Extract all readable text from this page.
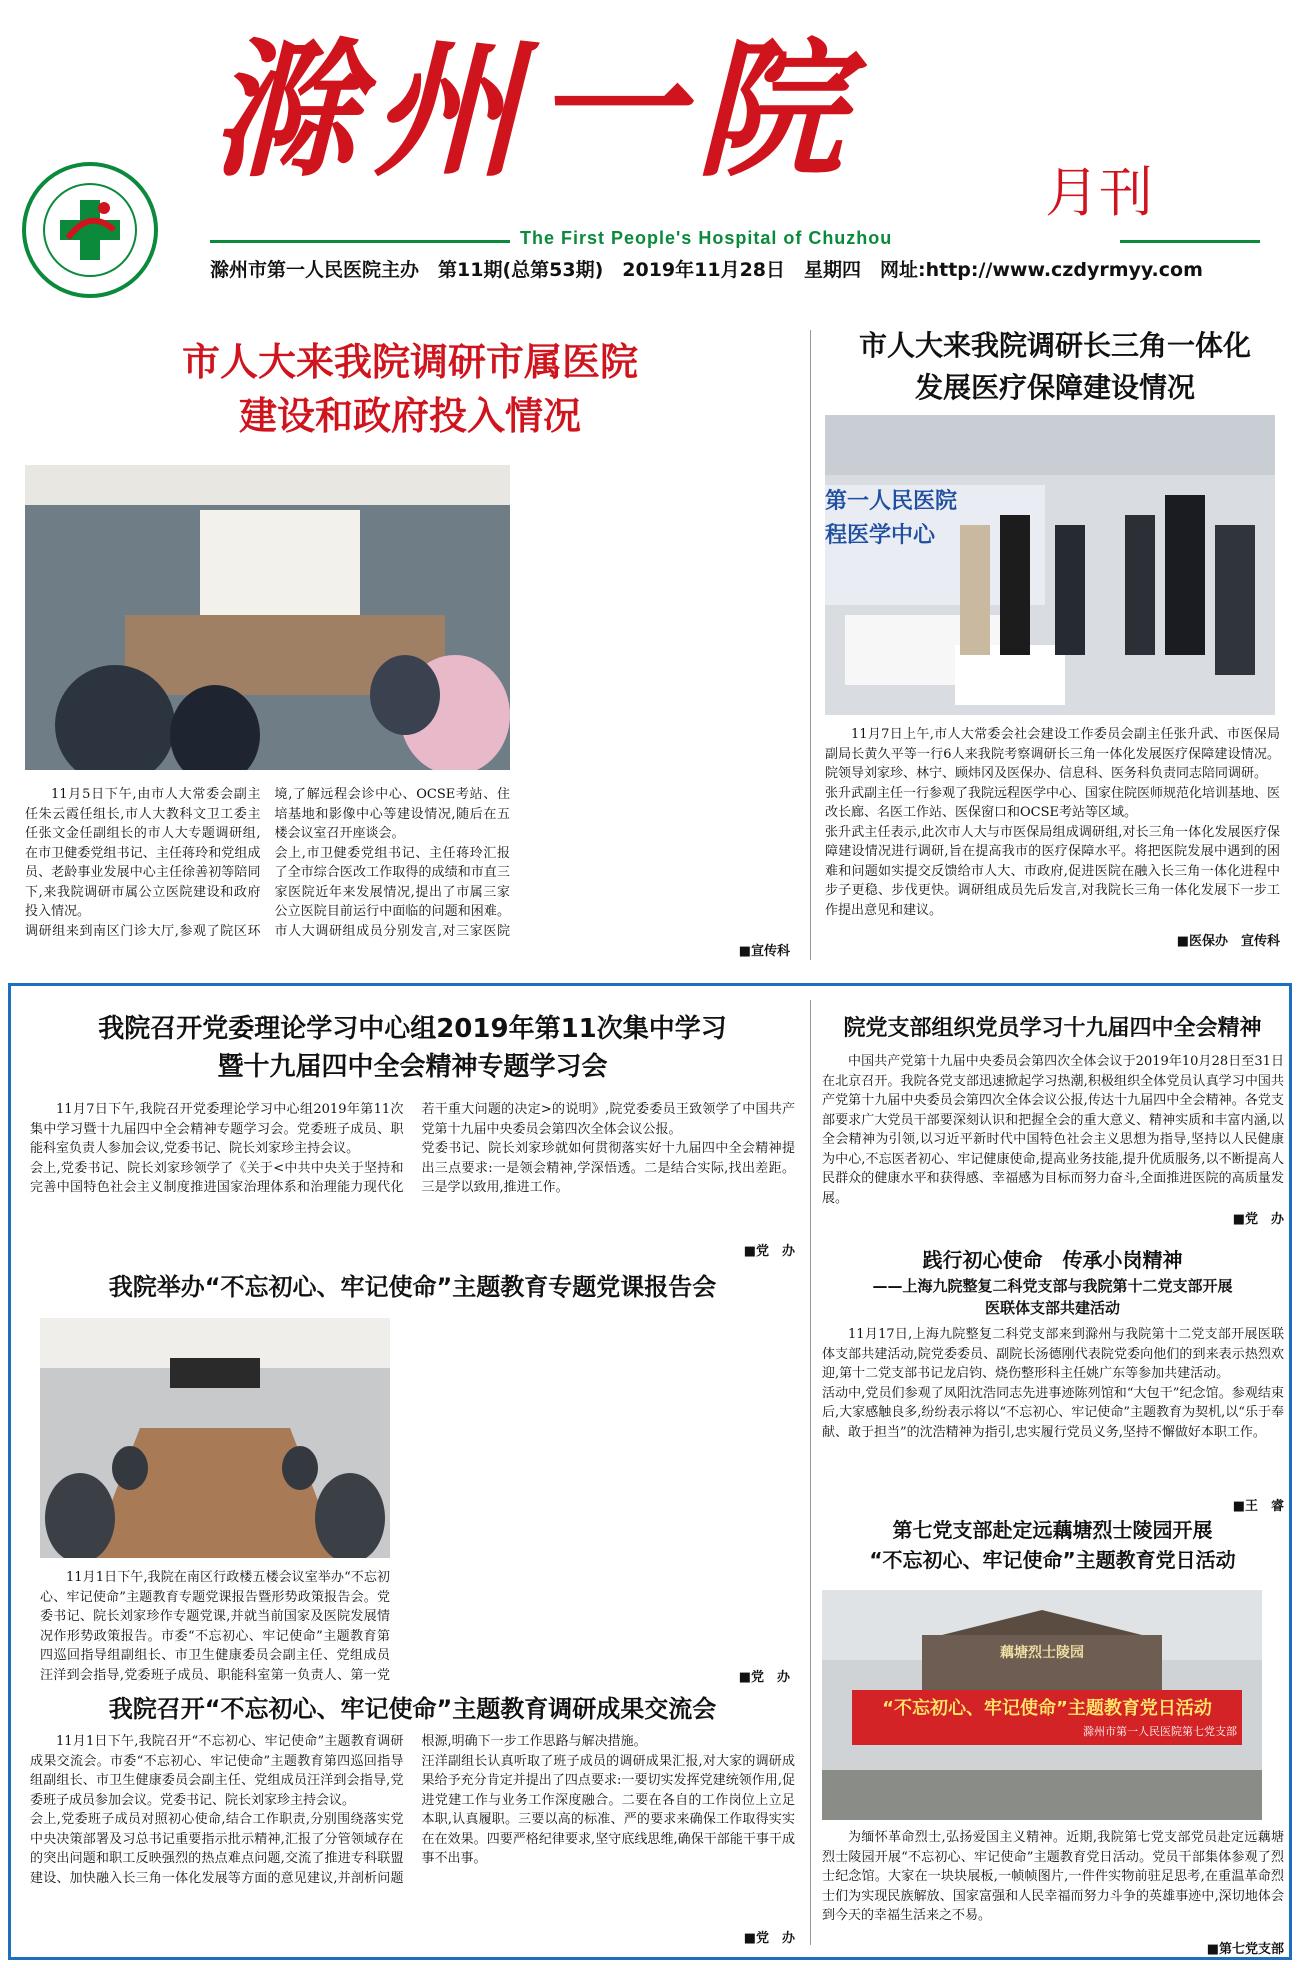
滁州一院	月刊
The First People's Hospital of Chuzhou
滁州市第一人民医院主办　第11期(总第53期)　2019年11月28日　星期四　网址:http://www.czdyrmyy.com
市人大来我院调研市属医院
建设和政府投入情况

11月5日下午,由市人大常委会副主任朱云霞任组长,市人大教科文卫工委主任张文金任副组长的市人大专题调研组,在市卫健委党组书记、主任蒋玲和党组成员、老龄事业发展中心主任徐善初等陪同下,来我院调研市属公立医院建设和政府投入情况。
调研组来到南区门诊大厅,参观了院区环境,了解远程会诊中心、OCSE考站、住培基地和影像中心等建设情况,随后在五楼会议室召开座谈会。
会上,市卫健委党组书记、主任蒋玲汇报了全市综合医改工作取得的成绩和市直三家医院近年来发展情况,提出了市属三家公立医院目前运行中面临的问题和困难。市人大调研组成员分别发言,对三家医院

■宣传科
市人大来我院调研长三角一体化
发展医疗保障建设情况
第一人民医院
程医学中心

11月7日上午,市人大常委会社会建设工作委员会副主任张升武、市医保局副局长黄久平等一行6人来我院考察调研长三角一体化发展医疗保障建设情况。院领导刘家珍、林宁、顾炜冈及医保办、信息科、医务科负责同志陪同调研。
张升武副主任一行参观了我院远程医学中心、国家住院医师规范化培训基地、医改长廊、名医工作站、医保窗口和OCSE考站等区域。
张升武主任表示,此次市人大与市医保局组成调研组,对长三角一体化发展医疗保障建设情况进行调研,旨在提高我市的医疗保障水平。将把医院发展中遇到的困难和问题如实提交反馈给市人大、市政府,促进医院在融入长三角一体化进程中步子更稳、步伐更快。调研组成员先后发言,对我院长三角一体化发展下一步工作提出意见和建议。

■医保办　宣传科
我院召开党委理论学习中心组2019年第11次集中学习
暨十九届四中全会精神专题学习会

11月7日下午,我院召开党委理论学习中心组2019年第11次集中学习暨十九届四中全会精神专题学习会。党委班子成员、职能科室负责人参加会议,党委书记、院长刘家珍主持会议。
会上,党委书记、院长刘家珍领学了《关于<中共中央关于坚持和完善中国特色社会主义制度推进国家治理体系和治理能力现代化若干重大问题的决定>的说明》,院党委委员王致领学了中国共产党第十九届中央委员会第四次全体会议公报。
党委书记、院长刘家珍就如何贯彻落实好十九届四中全会精神提出三点要求:一是领会精神,学深悟透。二是结合实际,找出差距。三是学以致用,推进工作。

■党　办
院党支部组织党员学习十九届四中全会精神

中国共产党第十九届中央委员会第四次全体会议于2019年10月28日至31日在北京召开。我院各党支部迅速掀起学习热潮,积极组织全体党员认真学习中国共产党第十九届中央委员会第四次全体会议公报,传达十九届四中全会精神。各党支部要求广大党员干部要深刻认识和把握全会的重大意义、精神实质和丰富内涵,以全会精神为引领,以习近平新时代中国特色社会主义思想为指导,坚持以人民健康为中心,不忘医者初心、牢记健康使命,提高业务技能,提升优质服务,以不断提高人民群众的健康水平和获得感、幸福感为目标而努力奋斗,全面推进医院的高质量发展。

■党　办
我院举办“不忘初心、牢记使命”主题教育专题党课报告会

11月1日下午,我院在南区行政楼五楼会议室举办“不忘初心、牢记使命”主题教育专题党课报告暨形势政策报告会。党委书记、院长刘家珍作专题党课,并就当前国家及医院发展情况作形势政策报告。市委“不忘初心、牢记使命”主题教育第四巡回指导组副组长、市卫生健康委员会副主任、党组成员汪洋到会指导,党委班子成员、职能科室第一负责人、第一党	■党　办
践行初心使命　传承小岗精神

——上海九院整复二科党支部与我院第十二党支部开展
医联体支部共建活动

11月17日,上海九院整复二科党支部来到滁州与我院第十二党支部开展医联体支部共建活动,院党委委员、副院长汤德刚代表院党委向他们的到来表示热烈欢迎,第十二党支部书记龙启钧、烧伤整形科主任姚广东等参加共建活动。
活动中,党员们参观了凤阳沈浩同志先进事迹陈列馆和“大包干”纪念馆。参观结束后,大家感触良多,纷纷表示将以“不忘初心、牢记使命”主题教育为契机,以“乐于奉献、敢于担当”的沈浩精神为指引,忠实履行党员义务,坚持不懈做好本职工作。

■王　睿
第七党支部赴定远藕塘烈士陵园开展
“不忘初心、牢记使命”主题教育党日活动
藕塘烈士陵园
“不忘初心、牢记使命”主题教育党日活动
滁州市第一人民医院第七党支部

为缅怀革命烈士,弘扬爱国主义精神。近期,我院第七党支部党员赴定远藕塘烈士陵园开展“不忘初心、牢记使命”主题教育党日活动。党员干部集体参观了烈士纪念馆。大家在一块块展板,一帧帧图片,一件件实物前驻足思考,在重温革命烈士们为实现民族解放、国家富强和人民幸福而努力斗争的英雄事迹中,深切地体会到今天的幸福生活来之不易。

■第七党支部
我院召开“不忘初心、牢记使命”主题教育调研成果交流会

11月1日下午,我院召开“不忘初心、牢记使命”主题教育调研成果交流会。市委“不忘初心、牢记使命”主题教育第四巡回指导组副组长、市卫生健康委员会副主任、党组成员汪洋到会指导,党委班子成员参加会议。党委书记、院长刘家珍主持会议。
会上,党委班子成员对照初心使命,结合工作职责,分别围绕落实党中央决策部署及习总书记重要指示批示精神,汇报了分管领域存在的突出问题和职工反映强烈的热点难点问题,交流了推进专科联盟建设、加快融入长三角一体化发展等方面的意见建议,并剖析问题根源,明确下一步工作思路与解决措施。
汪洋副组长认真听取了班子成员的调研成果汇报,对大家的调研成果给予充分肯定并提出了四点要求:一要切实发挥党建统领作用,促进党建工作与业务工作深度融合。二要在各自的工作岗位上立足本职,认真履职。三要以高的标准、严的要求来确保工作取得实实在在效果。四要严格纪律要求,坚守底线思维,确保干部能干事干成事不出事。

■党　办
